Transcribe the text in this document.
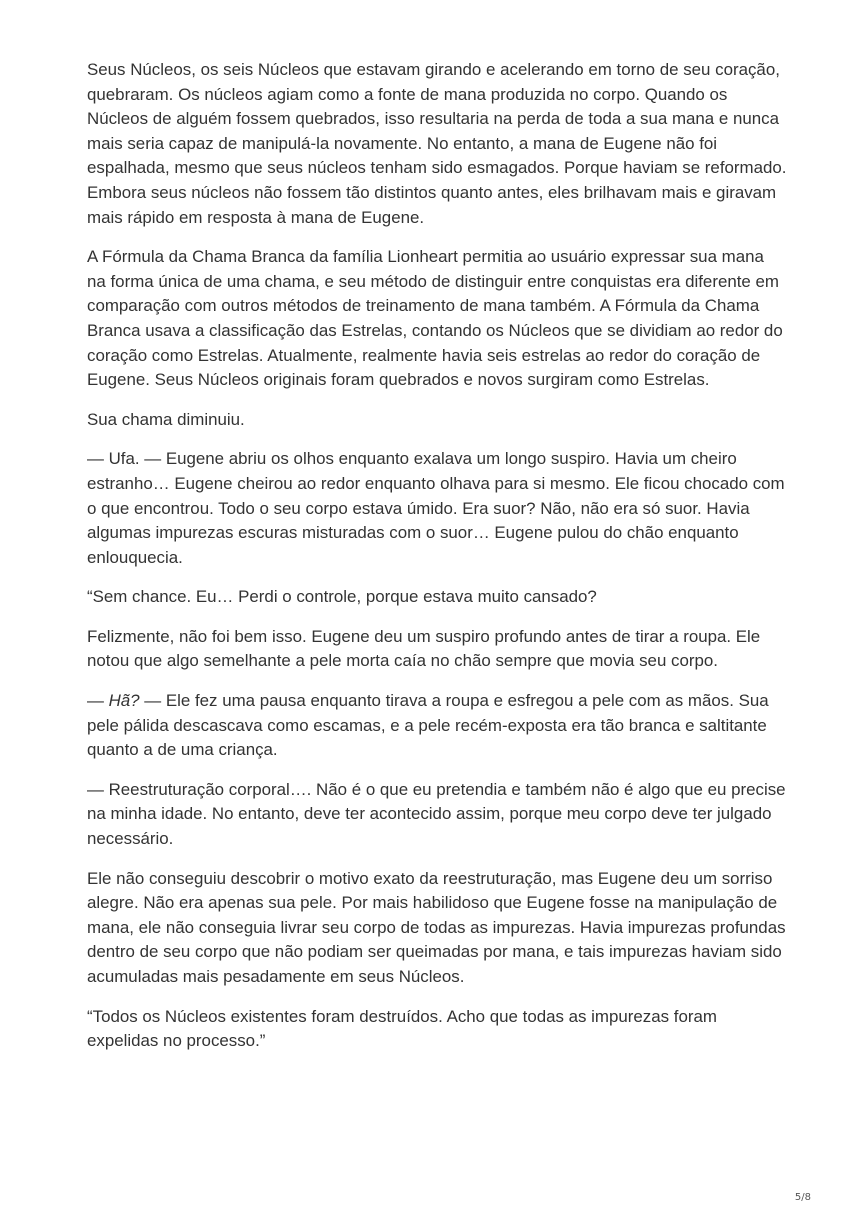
Seus Núcleos, os seis Núcleos que estavam girando e acelerando em torno de seu coração, quebraram. Os núcleos agiam como a fonte de mana produzida no corpo. Quando os Núcleos de alguém fossem quebrados, isso resultaria na perda de toda a sua mana e nunca mais seria capaz de manipulá-la novamente. No entanto, a mana de Eugene não foi espalhada, mesmo que seus núcleos tenham sido esmagados. Porque haviam se reformado. Embora seus núcleos não fossem tão distintos quanto antes, eles brilhavam mais e giravam mais rápido em resposta à mana de Eugene.

A Fórmula da Chama Branca da família Lionheart permitia ao usuário expressar sua mana na forma única de uma chama, e seu método de distinguir entre conquistas era diferente em comparação com outros métodos de treinamento de mana também. A Fórmula da Chama Branca usava a classificação das Estrelas, contando os Núcleos que se dividiam ao redor do coração como Estrelas. Atualmente, realmente havia seis estrelas ao redor do coração de Eugene. Seus Núcleos originais foram quebrados e novos surgiram como Estrelas.

Sua chama diminuiu.

— Ufa. — Eugene abriu os olhos enquanto exalava um longo suspiro. Havia um cheiro estranho… Eugene cheirou ao redor enquanto olhava para si mesmo. Ele ficou chocado com o que encontrou. Todo o seu corpo estava úmido. Era suor? Não, não era só suor. Havia algumas impurezas escuras misturadas com o suor… Eugene pulou do chão enquanto enlouquecia.

“Sem chance. Eu… Perdi o controle, porque estava muito cansado?

Felizmente, não foi bem isso. Eugene deu um suspiro profundo antes de tirar a roupa. Ele notou que algo semelhante a pele morta caía no chão sempre que movia seu corpo.

— Hã? — Ele fez uma pausa enquanto tirava a roupa e esfregou a pele com as mãos. Sua pele pálida descascava como escamas, e a pele recém-exposta era tão branca e saltitante quanto a de uma criança.

— Reestruturação corporal…. Não é o que eu pretendia e também não é algo que eu precise na minha idade. No entanto, deve ter acontecido assim, porque meu corpo deve ter julgado necessário.

Ele não conseguiu descobrir o motivo exato da reestruturação, mas Eugene deu um sorriso alegre. Não era apenas sua pele. Por mais habilidoso que Eugene fosse na manipulação de mana, ele não conseguia livrar seu corpo de todas as impurezas. Havia impurezas profundas dentro de seu corpo que não podiam ser queimadas por mana, e tais impurezas haviam sido acumuladas mais pesadamente em seus Núcleos.

“Todos os Núcleos existentes foram destruídos. Acho que todas as impurezas foram expelidas no processo.”

5/8
